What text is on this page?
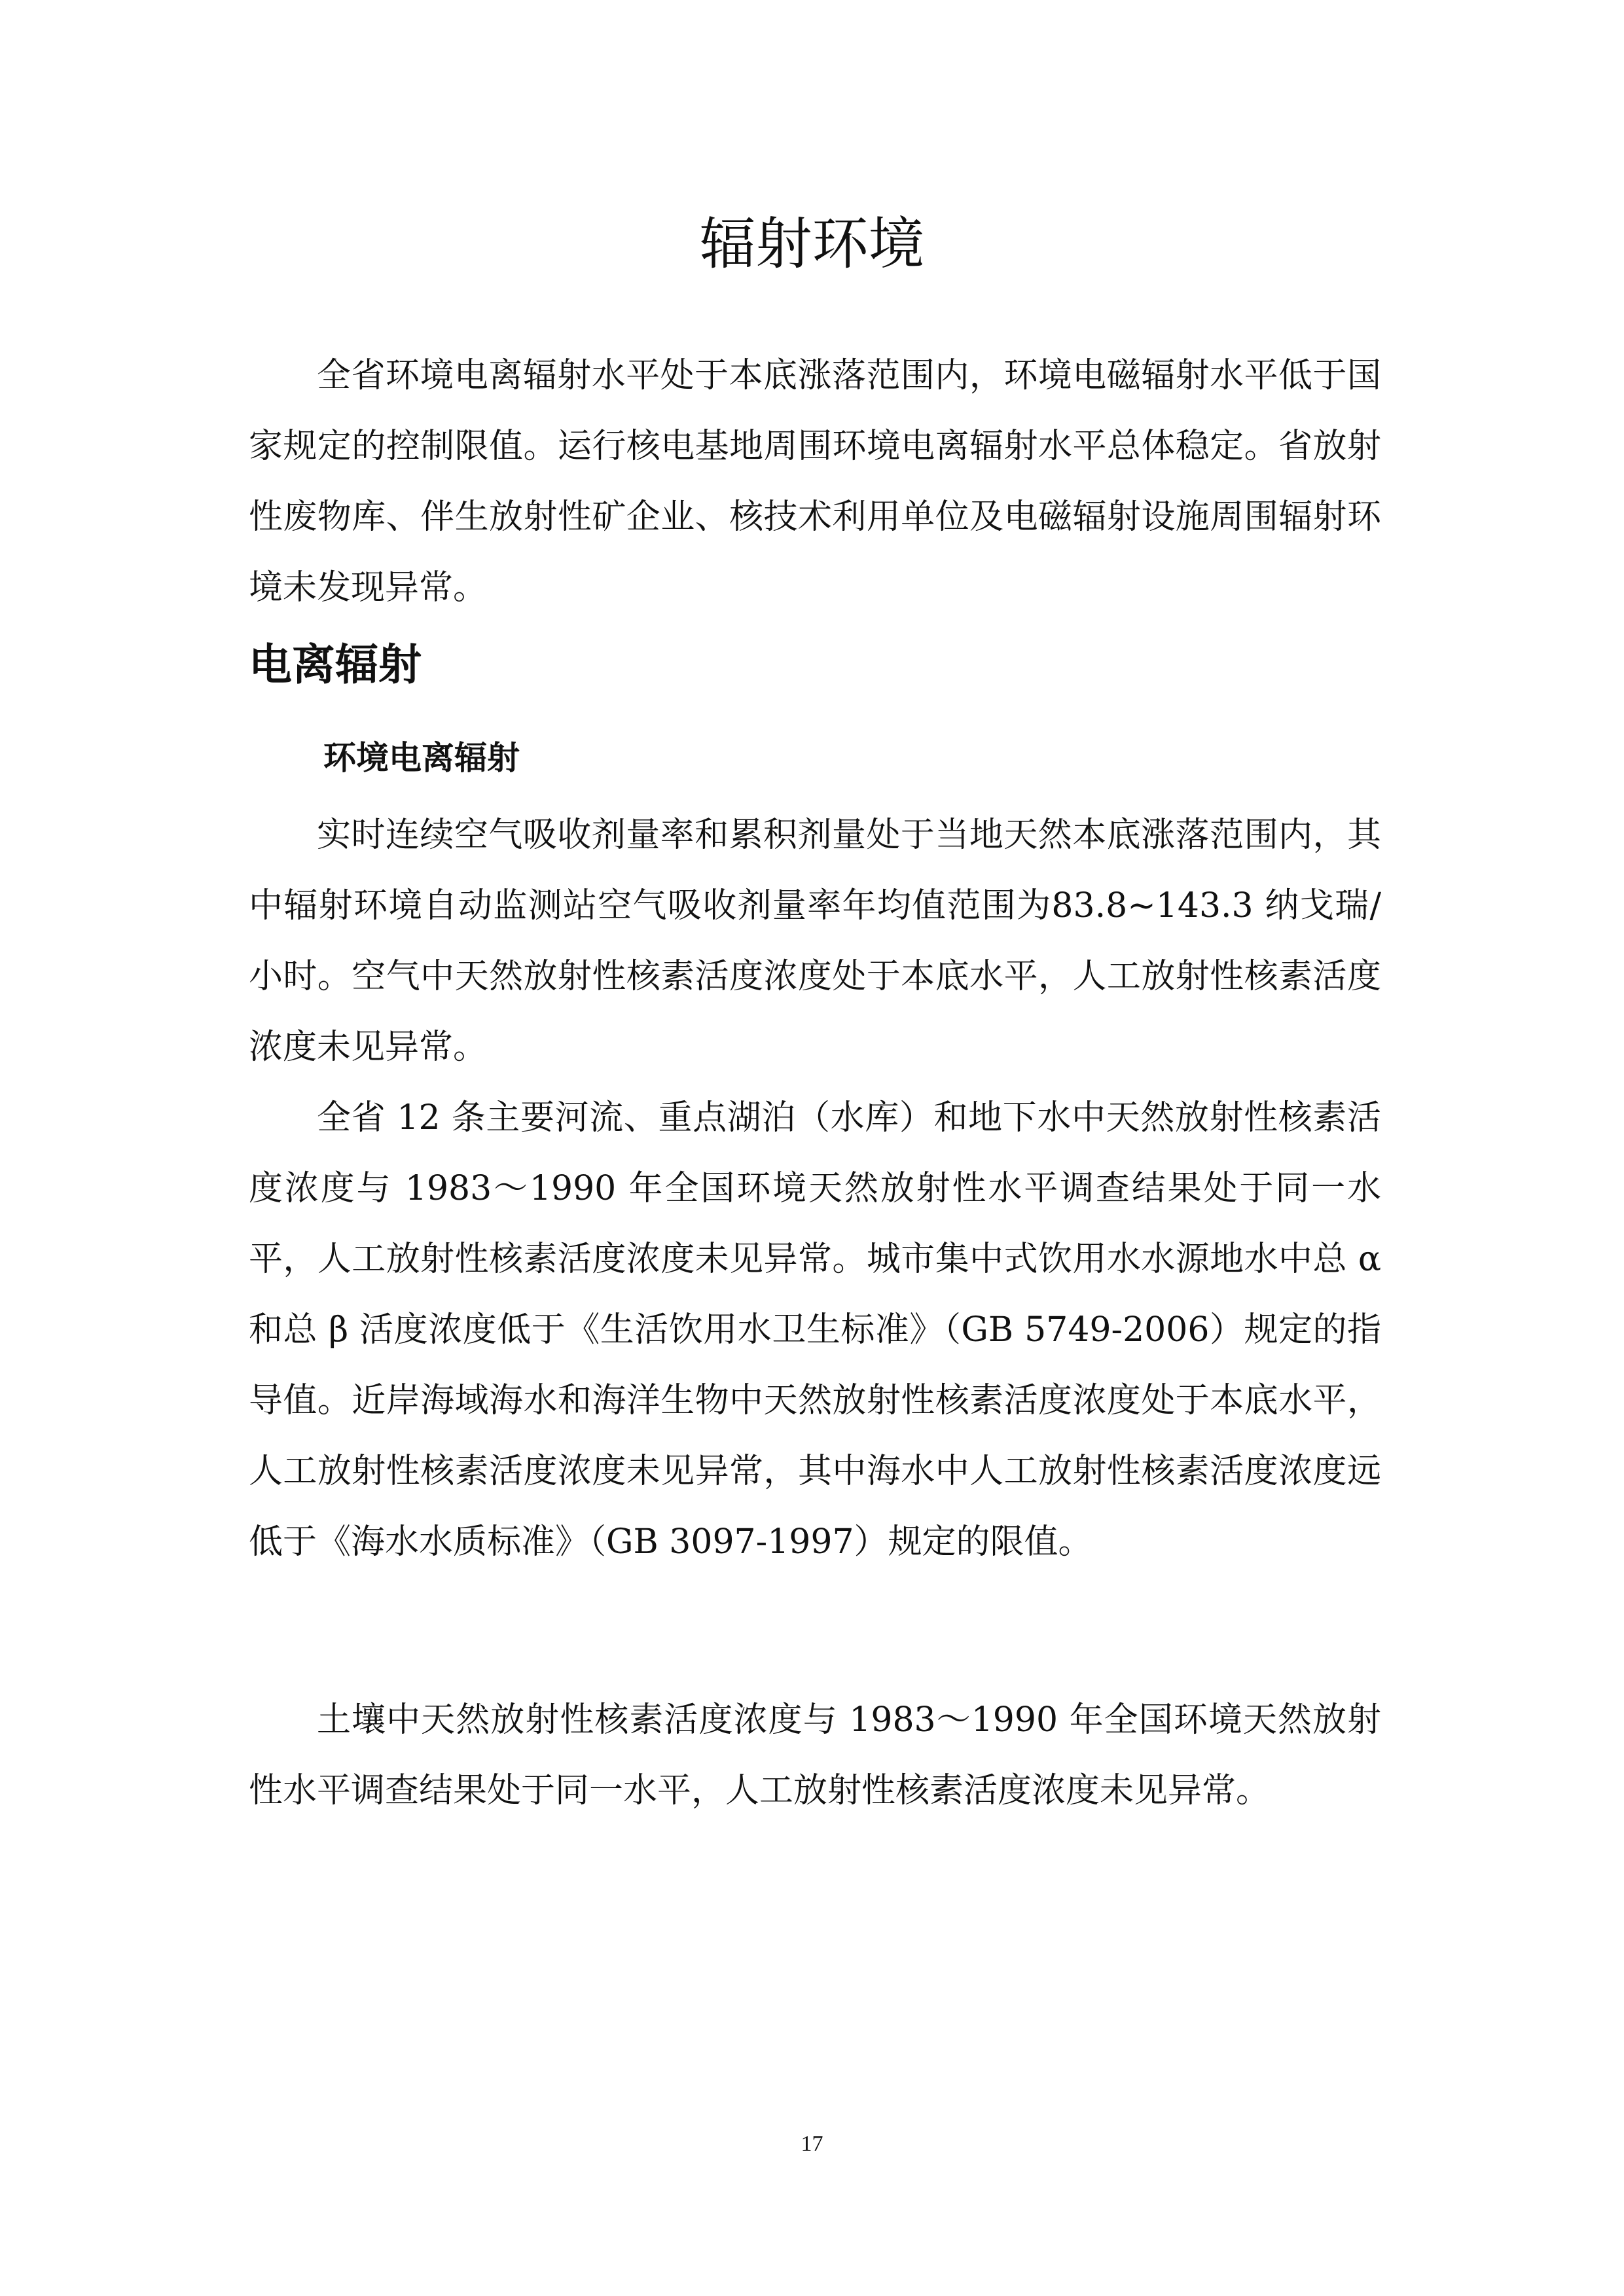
辐射环境

全省环境电离辐射水平处于本底涨落范围内，环境电磁辐射水平低于国家规定的控制限值。运行核电基地周围环境电离辐射水平总体稳定。省放射性废物库、伴生放射性矿企业、核技术利用单位及电磁辐射设施周围辐射环境未发现异常。

电离辐射
环境电离辐射

实时连续空气吸收剂量率和累积剂量处于当地天然本底涨落范围内，其中辐射环境自动监测站空气吸收剂量率年均值范围为83.8~143.3 纳戈瑞/小时。空气中天然放射性核素活度浓度处于本底水平，人工放射性核素活度浓度未见异常。

全省 12 条主要河流、重点湖泊（水库）和地下水中天然放射性核素活度浓度与 1983～1990 年全国环境天然放射性水平调查结果处于同一水平，人工放射性核素活度浓度未见异常。城市集中式饮用水水源地水中总 α 和总 β 活度浓度低于《生活饮用水卫生标准》（GB 5749-2006）规定的指导值。近岸海域海水和海洋生物中天然放射性核素活度浓度处于本底水平，人工放射性核素活度浓度未见异常，其中海水中人工放射性核素活度浓度远低于《海水水质标准》（GB 3097-1997）规定的限值。

土壤中天然放射性核素活度浓度与 1983～1990 年全国环境天然放射性水平调查结果处于同一水平，人工放射性核素活度浓度未见异常。

17
